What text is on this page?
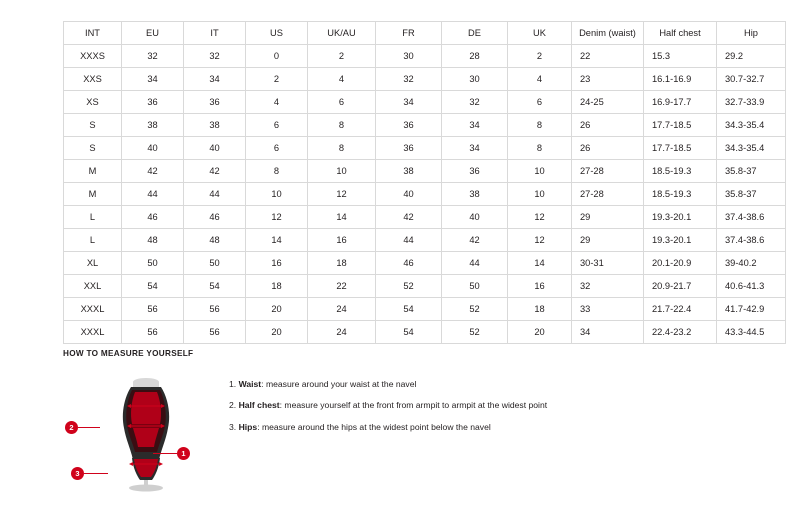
INT	EU	IT	US	UK/AU	FR	DE	UK	Denim (waist)	Half chest	Hip
XXXS	32	32	0	2	30	28	2	22	15.3	29.2
XXS	34	34	2	4	32	30	4	23	16.1-16.9	30.7-32.7
XS	36	36	4	6	34	32	6	24-25	16.9-17.7	32.7-33.9
S	38	38	6	8	36	34	8	26	17.7-18.5	34.3-35.4
S	40	40	6	8	36	34	8	26	17.7-18.5	34.3-35.4
M	42	42	8	10	38	36	10	27-28	18.5-19.3	35.8-37
M	44	44	10	12	40	38	10	27-28	18.5-19.3	35.8-37
L	46	46	12	14	42	40	12	29	19.3-20.1	37.4-38.6
L	48	48	14	16	44	42	12	29	19.3-20.1	37.4-38.6
XL	50	50	16	18	46	44	14	30-31	20.1-20.9	39-40.2
XXL	54	54	18	22	52	50	16	32	20.9-21.7	40.6-41.3
XXXL	56	56	20	24	54	52	18	33	21.7-22.4	41.7-42.9
XXXL	56	56	20	24	54	52	20	34	22.4-23.2	43.3-44.5
HOW TO MEASURE YOURSELF
1
2
3

1. Waist: measure around your waist at the navel

2. Half chest: measure yourself at the front from armpit to armpit at the widest point

3. Hips: measure around the hips at the widest point below the navel
